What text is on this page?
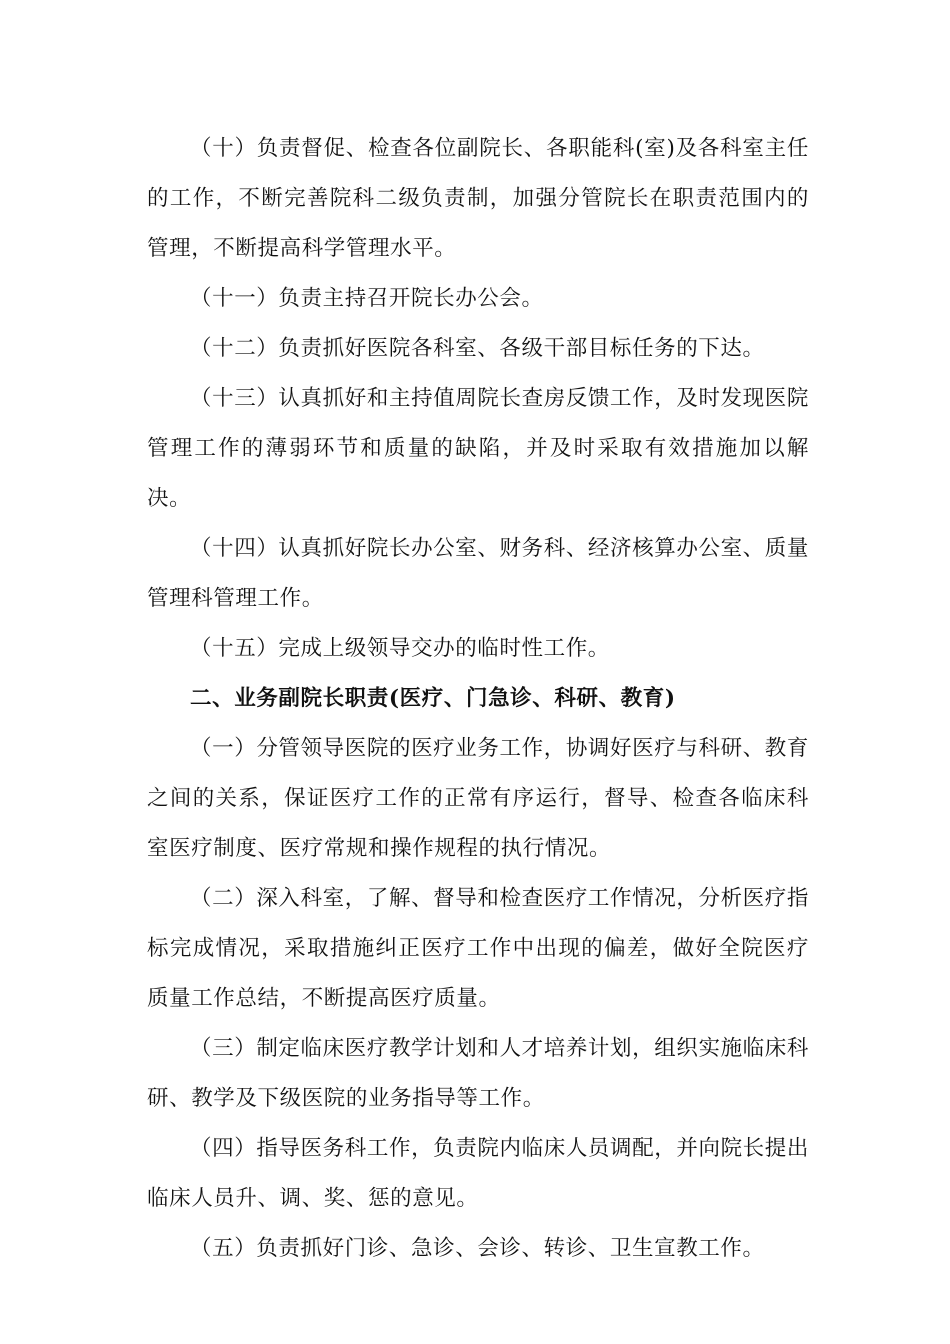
（十）负责督促、检查各位副院长、各职能科(室)及各科室主任的工作，不断完善院科二级负责制，加强分管院长在职责范围内的管理，不断提高科学管理水平。

（十一）负责主持召开院长办公会。

（十二）负责抓好医院各科室、各级干部目标任务的下达。

（十三）认真抓好和主持值周院长查房反馈工作，及时发现医院管理工作的薄弱环节和质量的缺陷，并及时采取有效措施加以解决。

（十四）认真抓好院长办公室、财务科、经济核算办公室、质量管理科管理工作。

（十五）完成上级领导交办的临时性工作。

二、业务副院长职责(医疗、门急诊、科研、教育)

（一）分管领导医院的医疗业务工作，协调好医疗与科研、教育之间的关系，保证医疗工作的正常有序运行，督导、检查各临床科室医疗制度、医疗常规和操作规程的执行情况。

（二）深入科室，了解、督导和检查医疗工作情况，分析医疗指标完成情况，采取措施纠正医疗工作中出现的偏差，做好全院医疗质量工作总结，不断提高医疗质量。

（三）制定临床医疗教学计划和人才培养计划，组织实施临床科研、教学及下级医院的业务指导等工作。

（四）指导医务科工作，负责院内临床人员调配，并向院长提出临床人员升、调、奖、惩的意见。

（五）负责抓好门诊、急诊、会诊、转诊、卫生宣教工作。
